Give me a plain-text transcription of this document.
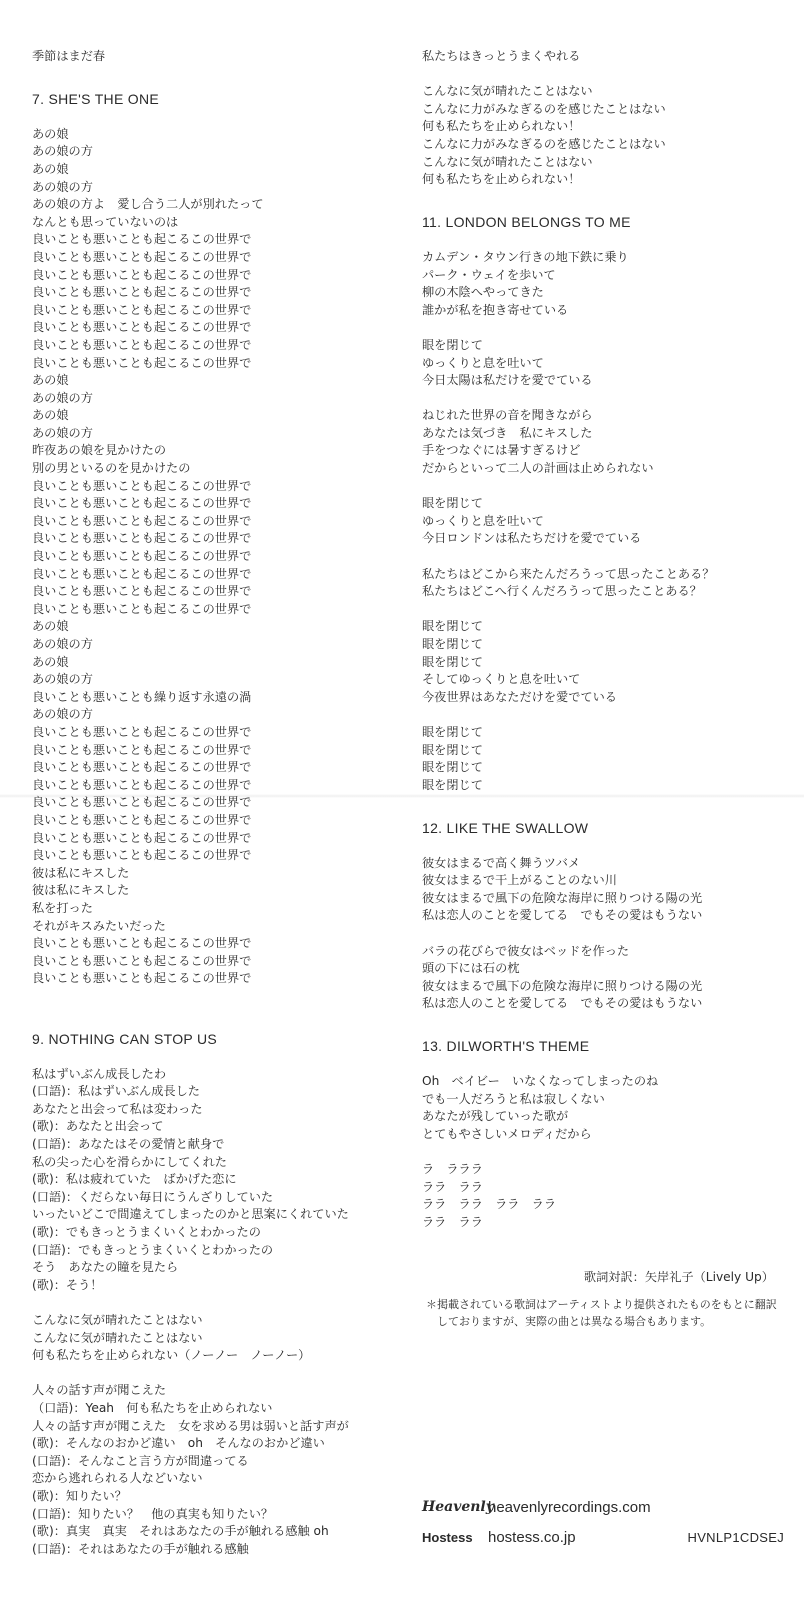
季節はまだ春
7. SHE'S THE ONE
あの娘
あの娘の方
あの娘
あの娘の方
あの娘の方よ　愛し合う二人が別れたって
なんとも思っていないのは
良いことも悪いことも起こるこの世界で
良いことも悪いことも起こるこの世界で
良いことも悪いことも起こるこの世界で
良いことも悪いことも起こるこの世界で
良いことも悪いことも起こるこの世界で
良いことも悪いことも起こるこの世界で
良いことも悪いことも起こるこの世界で
良いことも悪いことも起こるこの世界で
あの娘
あの娘の方
あの娘
あの娘の方
昨夜あの娘を見かけたの
別の男といるのを見かけたの
良いことも悪いことも起こるこの世界で
良いことも悪いことも起こるこの世界で
良いことも悪いことも起こるこの世界で
良いことも悪いことも起こるこの世界で
良いことも悪いことも起こるこの世界で
良いことも悪いことも起こるこの世界で
良いことも悪いことも起こるこの世界で
良いことも悪いことも起こるこの世界で
あの娘
あの娘の方
あの娘
あの娘の方
良いことも悪いことも繰り返す永遠の渦
あの娘の方
良いことも悪いことも起こるこの世界で
良いことも悪いことも起こるこの世界で
良いことも悪いことも起こるこの世界で
良いことも悪いことも起こるこの世界で
良いことも悪いことも起こるこの世界で
良いことも悪いことも起こるこの世界で
良いことも悪いことも起こるこの世界で
良いことも悪いことも起こるこの世界で
彼は私にキスした
彼は私にキスした
私を打った
それがキスみたいだった
良いことも悪いことも起こるこの世界で
良いことも悪いことも起こるこの世界で
良いことも悪いことも起こるこの世界で
9. NOTHING CAN STOP US
私はずいぶん成長したわ
(口語)：私はずいぶん成長した
あなたと出会って私は変わった
(歌)：あなたと出会って
(口語)：あなたはその愛情と献身で
私の尖った心を滑らかにしてくれた
(歌)：私は疲れていた　ばかげた恋に
(口語)：くだらない毎日にうんざりしていた
いったいどこで間違えてしまったのかと思案にくれていた
(歌)：でもきっとうまくいくとわかったの
(口語)：でもきっとうまくいくとわかったの
そう　あなたの瞳を見たら
(歌)：そう！
こんなに気が晴れたことはない
こんなに気が晴れたことはない
何も私たちを止められない（ノーノー　ノーノー）
人々の話す声が聞こえた
（口語)：Yeah　何も私たちを止められない
人々の話す声が聞こえた　女を求める男は弱いと話す声が
(歌)：そんなのおかど違い　oh　そんなのおかど違い
(口語)：そんなこと言う方が間違ってる
恋から逃れられる人などいない
(歌)：知りたい？
(口語)：知りたい？　他の真実も知りたい？
(歌)：真実　真実　それはあなたの手が触れる感触 oh
(口語)：それはあなたの手が触れる感触
私たちはきっとうまくやれる
こんなに気が晴れたことはない
こんなに力がみなぎるのを感じたことはない
何も私たちを止められない！
こんなに力がみなぎるのを感じたことはない
こんなに気が晴れたことはない
何も私たちを止められない！
11. LONDON BELONGS TO ME
カムデン・タウン行きの地下鉄に乗り
パーク・ウェイを歩いて
柳の木陰へやってきた
誰かが私を抱き寄せている
眼を閉じて
ゆっくりと息を吐いて
今日太陽は私だけを愛でている
ねじれた世界の音を聞きながら
あなたは気づき　私にキスした
手をつなぐには暑すぎるけど
だからといって二人の計画は止められない
眼を閉じて
ゆっくりと息を吐いて
今日ロンドンは私たちだけを愛でている
私たちはどこから来たんだろうって思ったことある？
私たちはどこへ行くんだろうって思ったことある？
眼を閉じて
眼を閉じて
眼を閉じて
そしてゆっくりと息を吐いて
今夜世界はあなただけを愛でている
眼を閉じて
眼を閉じて
眼を閉じて
眼を閉じて
12. LIKE THE SWALLOW
彼女はまるで高く舞うツバメ
彼女はまるで干上がることのない川
彼女はまるで風下の危険な海岸に照りつける陽の光
私は恋人のことを愛してる　でもその愛はもうない
バラの花びらで彼女はベッドを作った
頭の下には石の枕
彼女はまるで風下の危険な海岸に照りつける陽の光
私は恋人のことを愛してる　でもその愛はもうない
13. DILWORTH'S THEME
Oh　ベイビー　いなくなってしまったのね
でも一人だろうと私は寂しくない
あなたが残していった歌が
とてもやさしいメロディだから
ラ　ラララ
ララ　ララ
ララ　ララ　ララ　ララ
ララ　ララ
歌詞対訳：矢岸礼子（Lively Up）
＊掲載されている歌詞はアーティストより提供されたものをもとに翻訳
　しておりますが、実際の曲とは異なる場合もあります。
Heavenly
heavenlyrecordings.com
Hostess	hostess.co.jp	HVNLP1CDSEJ
